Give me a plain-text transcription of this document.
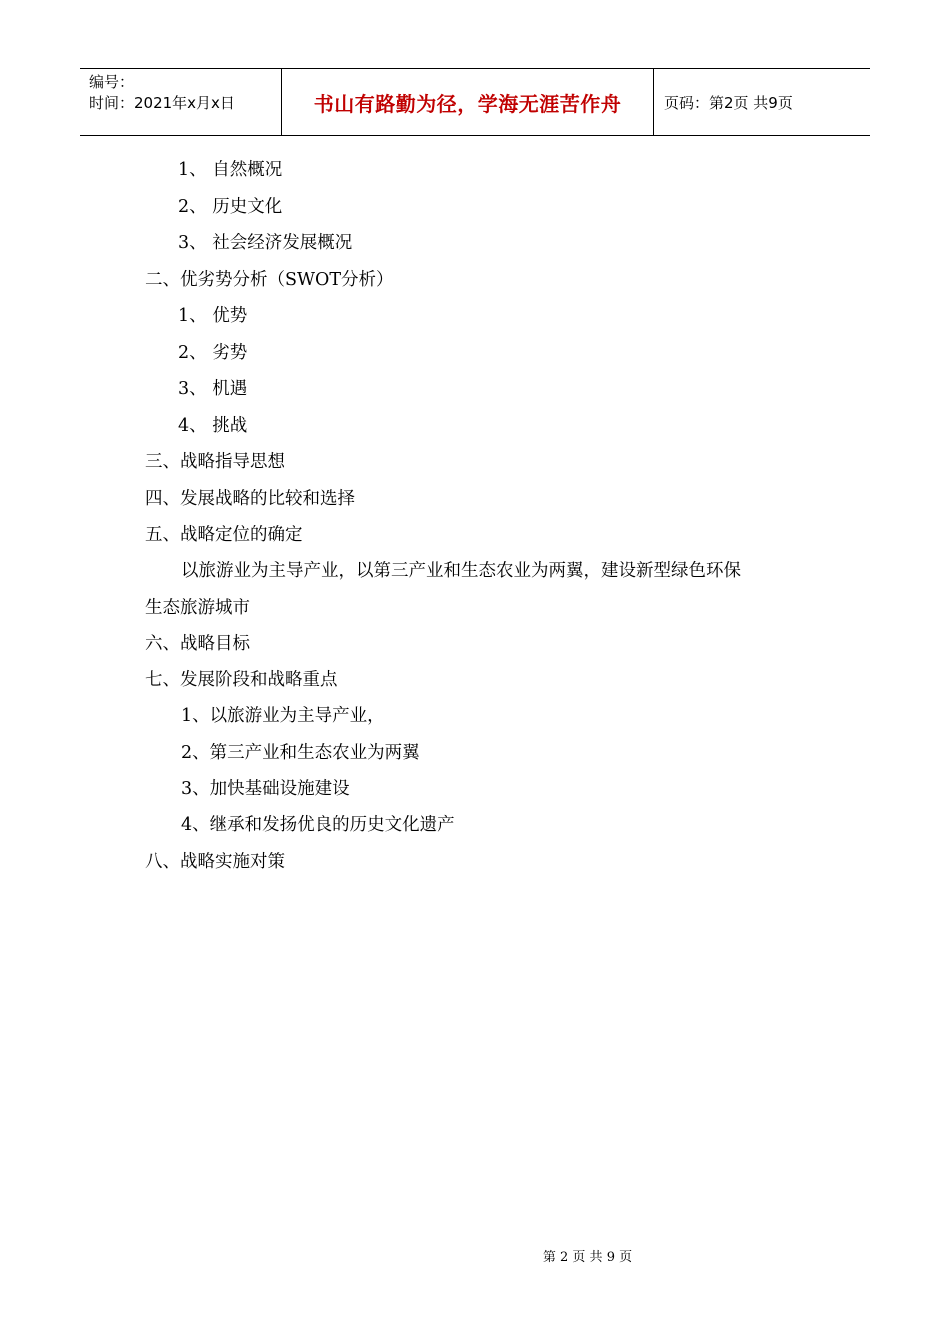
编号：
时间：2021年x月x日	书山有路勤为径，学海无涯苦作舟	页码：第2页 共9页
1、 自然概况
2、 历史文化
3、 社会经济发展概况
二、优劣势分析（SWOT分析）
1、 优势
2、 劣势
3、 机遇
4、 挑战
三、战略指导思想
四、发展战略的比较和选择
五、战略定位的确定
以旅游业为主导产业，以第三产业和生态农业为两翼，建设新型绿色环保
生态旅游城市
六、战略目标
七、发展阶段和战略重点
1、以旅游业为主导产业，
2、第三产业和生态农业为两翼
3、加快基础设施建设
4、继承和发扬优良的历史文化遗产
八、战略实施对策
第 2 页 共 9 页
